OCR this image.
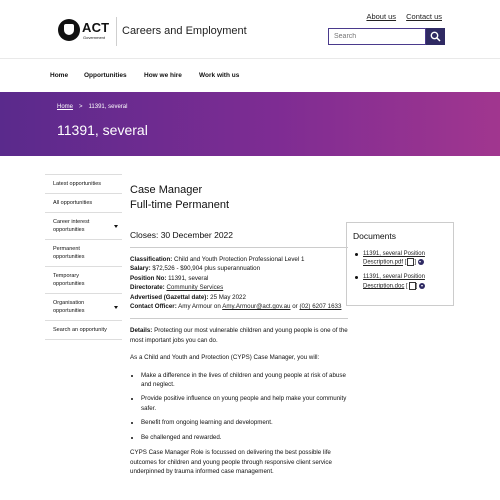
ACT
Government
Careers and Employment
About us Contact us
Search
Home Opportunities	How we hire	Work with us
Home > 11391, several
11391, several
Latest opportunities
All opportunities
Career interest opportunities
Permanent opportunities
Temporary opportunities
Organisation opportunities
Search an opportunity
Case Manager
Full-time Permanent
Closes: 30 December 2022
Classification: Child and Youth Protection Professional Level 1
Salary: $72,526 - $90,904 plus superannuation
Position No: 11391, several
Directorate: Community Services
Advertised (Gazettal date): 25 May 2022
Contact Officer: Amy Armour on Amy.Armour@act.gov.au or (02) 6207 1633

Details: Protecting our most vulnerable children and young people is one of the most important jobs you can do.

As a Child and Youth and Protection (CYPS) Case Manager, you will:

• Make a difference in the lives of children and young people at risk of abuse and neglect.
• Provide positive influence on young people and help make your community safer.
• Benefit from ongoing learning and development.
• Be challenged and rewarded.

CYPS Case Manager Role is focussed on delivering the best possible life outcomes for children and young people through responsive client service underpinned by trauma informed case management.

Documents
11391, several Position Description.pdf [ ]
11391, several Position Description.doc [ ]
